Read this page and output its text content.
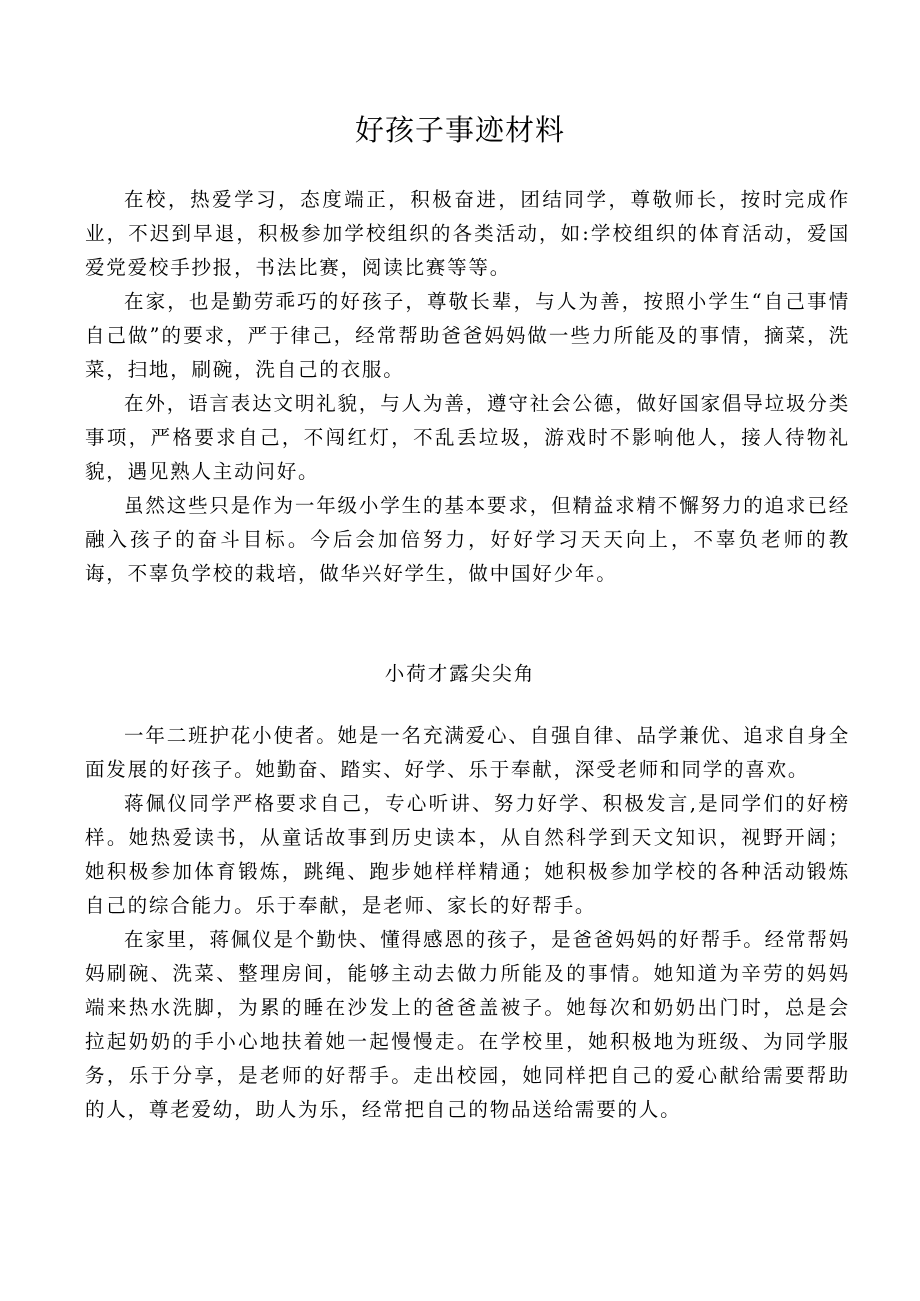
好孩子事迹材料

在校，热爱学习，态度端正，积极奋进，团结同学，尊敬师长，按时完成作业，不迟到早退，积极参加学校组织的各类活动，如:学校组织的体育活动，爱国爱党爱校手抄报，书法比赛，阅读比赛等等。

在家，也是勤劳乖巧的好孩子，尊敬长辈，与人为善，按照小学生“自己事情自己做”的要求，严于律己，经常帮助爸爸妈妈做一些力所能及的事情，摘菜，洗菜，扫地，刷碗，洗自己的衣服。

在外，语言表达文明礼貌，与人为善，遵守社会公德，做好国家倡导垃圾分类事项，严格要求自己，不闯红灯，不乱丢垃圾，游戏时不影响他人，接人待物礼貌，遇见熟人主动问好。

虽然这些只是作为一年级小学生的基本要求，但精益求精不懈努力的追求已经融入孩子的奋斗目标。今后会加倍努力，好好学习天天向上，不辜负老师的教诲，不辜负学校的栽培，做华兴好学生，做中国好少年。

小荷才露尖尖角

一年二班护花小使者。她是一名充满爱心、自强自律、品学兼优、追求自身全面发展的好孩子。她勤奋、踏实、好学、乐于奉献，深受老师和同学的喜欢。

蒋佩仪同学严格要求自己，专心听讲、努力好学、积极发言,是同学们的好榜样。她热爱读书，从童话故事到历史读本，从自然科学到天文知识，视野开阔；她积极参加体育锻炼，跳绳、跑步她样样精通；她积极参加学校的各种活动锻炼自己的综合能力。乐于奉献，是老师、家长的好帮手。

在家里，蒋佩仪是个勤快、懂得感恩的孩子，是爸爸妈妈的好帮手。经常帮妈妈刷碗、洗菜、整理房间，能够主动去做力所能及的事情。她知道为辛劳的妈妈端来热水洗脚，为累的睡在沙发上的爸爸盖被子。她每次和奶奶出门时，总是会拉起奶奶的手小心地扶着她一起慢慢走。在学校里，她积极地为班级、为同学服务，乐于分享，是老师的好帮手。走出校园，她同样把自己的爱心献给需要帮助的人，尊老爱幼，助人为乐，经常把自己的物品送给需要的人。
